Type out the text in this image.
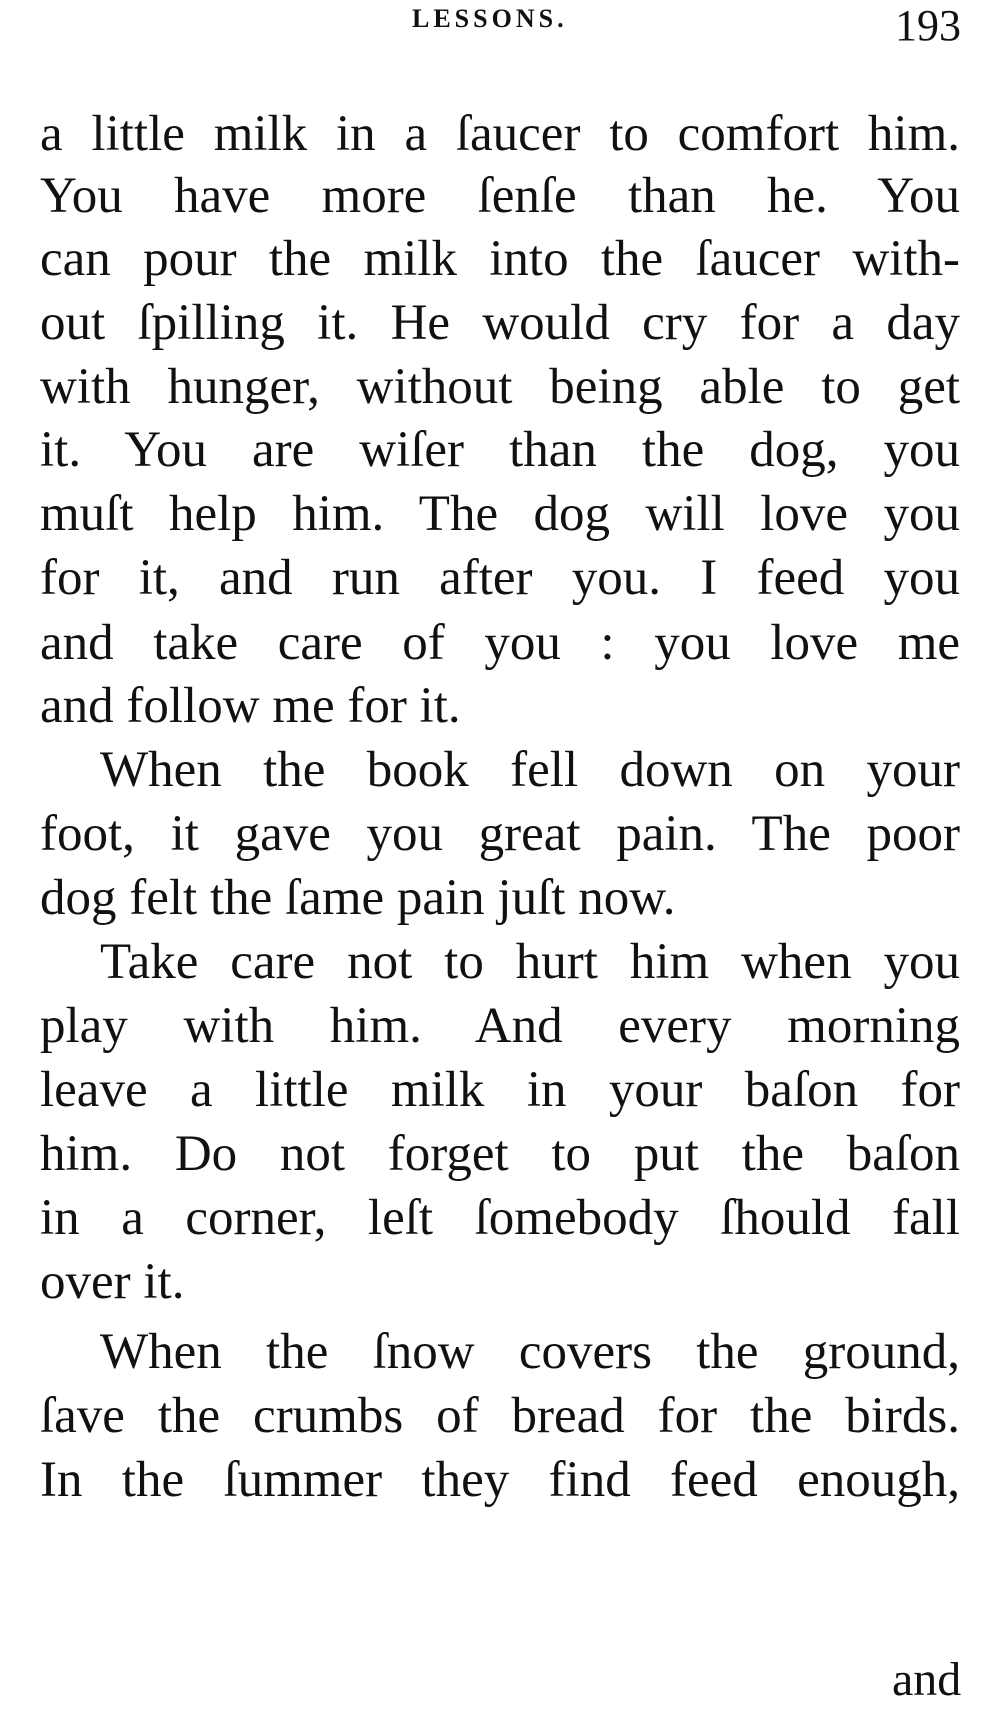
LESSONS.	193
a little milk in a ſaucer to comfort him.
You have more ſenſe than he. You
can pour the milk into the ſaucer with-
out ſpilling it. He would cry for a day
with hunger, without being able to get
it. You are wiſer than the dog, you
muſt help him. The dog will love you
for it, and run after you. I feed you
and take care of you : you love me
and follow me for it.
When the book fell down on your
foot, it gave you great pain. The poor
dog felt the ſame pain juſt now.
Take care not to hurt him when you
play with him. And every morning
leave a little milk in your baſon for
him. Do not forget to put the baſon
in a corner, leſt ſomebody ſhould fall
over it.
When the ſnow covers the ground,
ſave the crumbs of bread for the birds.
In the ſummer they find feed enough,
and
